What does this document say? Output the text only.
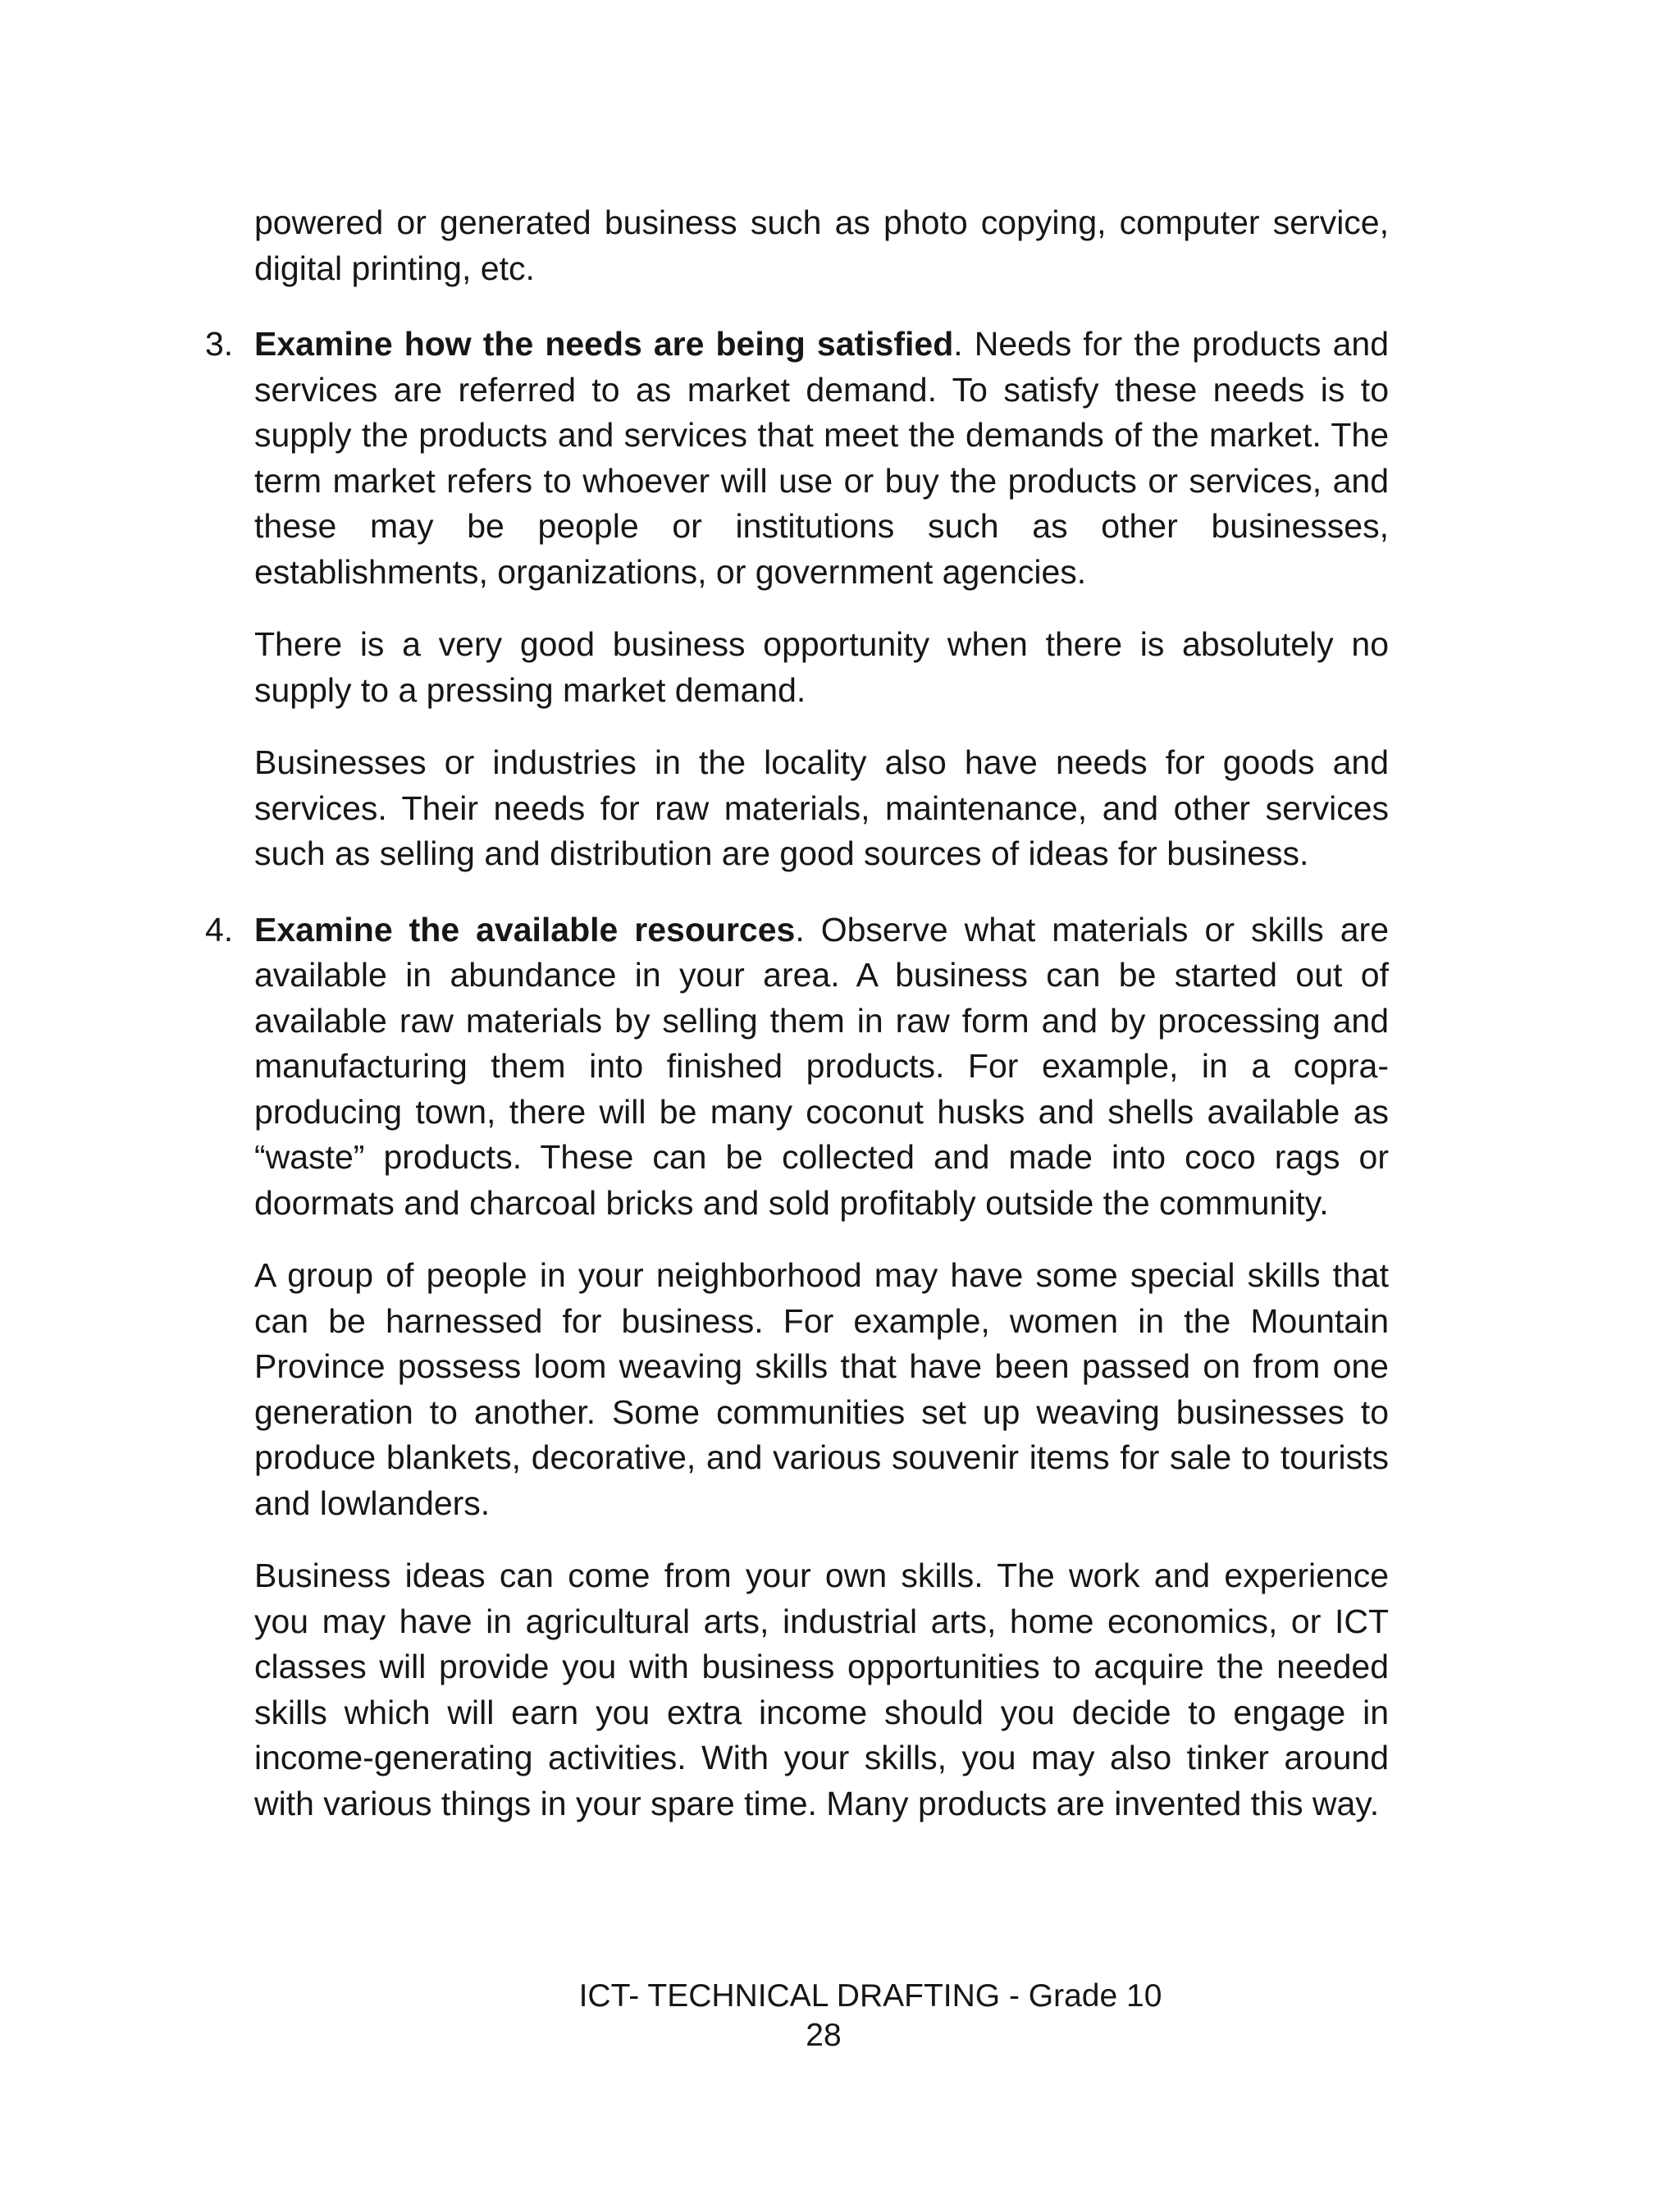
powered or generated business such as photo copying, computer service, digital printing, etc.

3. Examine how the needs are being satisfied. Needs for the products and services are referred to as market demand. To satisfy these needs is to supply the products and services that meet the demands of the market. The term market refers to whoever will use or buy the products or services, and these may be people or institutions such as other businesses, establishments, organizations, or government agencies.

There is a very good business opportunity when there is absolutely no supply to a pressing market demand.

Businesses or industries in the locality also have needs for goods and services. Their needs for raw materials, maintenance, and other services such as selling and distribution are good sources of ideas for business.

4. Examine the available resources. Observe what materials or skills are available in abundance in your area. A business can be started out of available raw materials by selling them in raw form and by processing and manufacturing them into finished products. For example, in a copra-producing town, there will be many coconut husks and shells available as “waste” products. These can be collected and made into coco rags or doormats and charcoal bricks and sold profitably outside the community.

A group of people in your neighborhood may have some special skills that can be harnessed for business. For example, women in the Mountain Province possess loom weaving skills that have been passed on from one generation to another. Some communities set up weaving businesses to produce blankets, decorative, and various souvenir items for sale to tourists and lowlanders.

Business ideas can come from your own skills. The work and experience you may have in agricultural arts, industrial arts, home economics, or ICT classes will provide you with business opportunities to acquire the needed skills which will earn you extra income should you decide to engage in income-generating activities. With your skills, you may also tinker around with various things in your spare time. Many products are invented this way.

ICT- TECHNICAL DRAFTING - Grade 10
28
